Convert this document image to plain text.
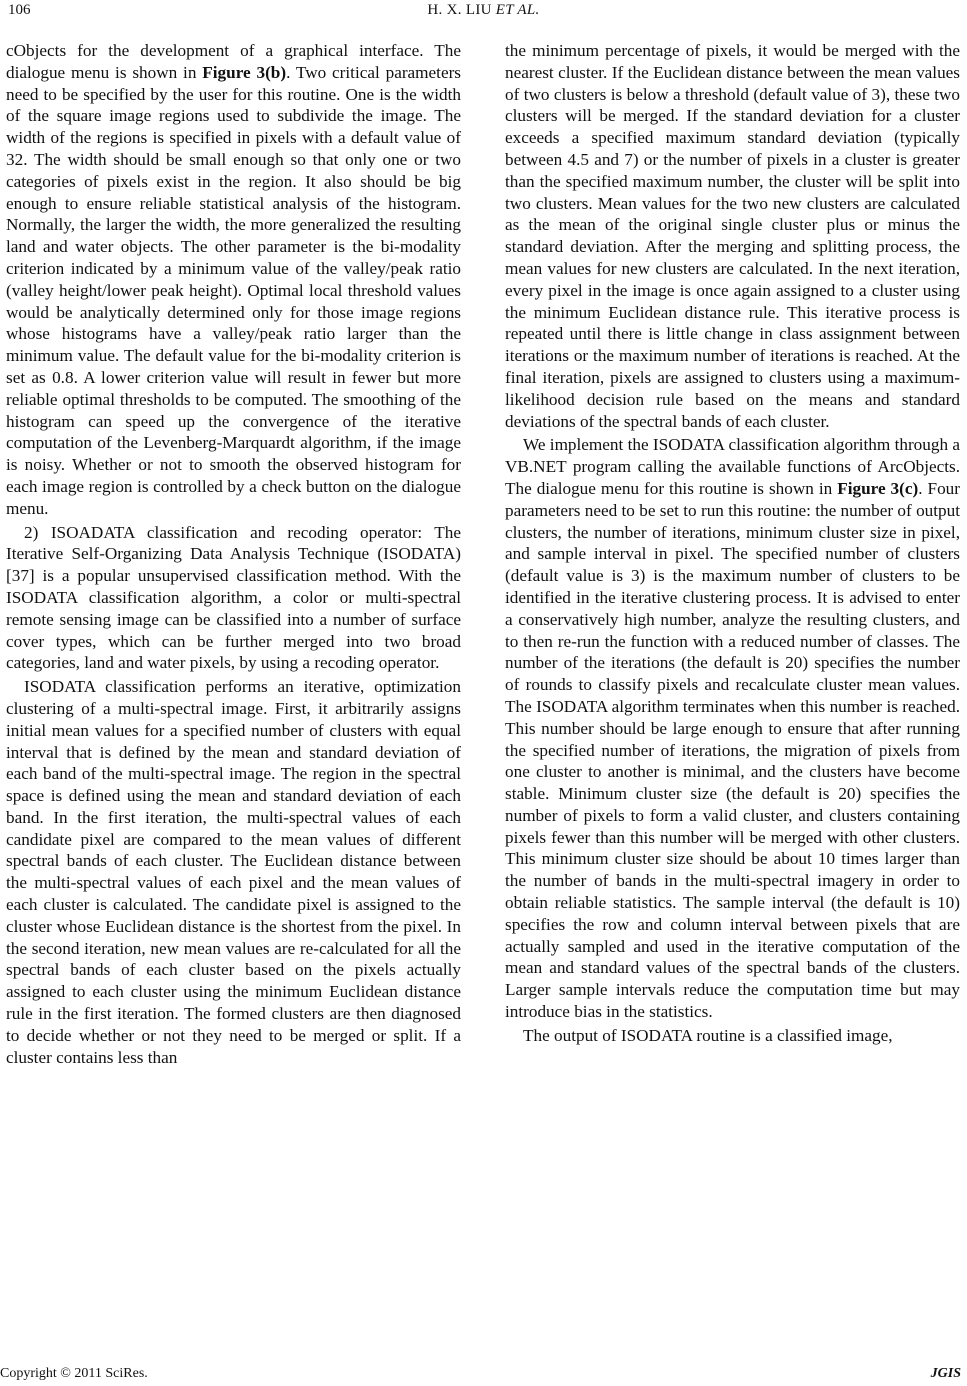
106	H. X. LIU ET AL.

cObjects for the development of a graphical interface. The dialogue menu is shown in Figure 3(b). Two critical parameters need to be specified by the user for this routine. One is the width of the square image regions used to subdivide the image. The width of the regions is specified in pixels with a default value of 32. The width should be small enough so that only one or two categories of pixels exist in the region. It also should be big enough to ensure reliable statistical analysis of the histogram. Normally, the larger the width, the more generalized the resulting land and water objects. The other parameter is the bi-modality criterion indicated by a minimum value of the valley/peak ratio (valley height/lower peak height). Optimal local threshold values would be analytically determined only for those image regions whose histograms have a valley/peak ratio larger than the minimum value. The default value for the bi-modality criterion is set as 0.8. A lower criterion value will result in fewer but more reliable optimal thresholds to be computed. The smoothing of the histogram can speed up the convergence of the iterative computation of the Levenberg-Marquardt algorithm, if the image is noisy. Whether or not to smooth the observed histogram for each image region is controlled by a check button on the dialogue menu.

2) ISOADATA classification and recoding operator: The Iterative Self-Organizing Data Analysis Technique (ISODATA) [37] is a popular unsupervised classification method. With the ISODATA classification algorithm, a color or multi-spectral remote sensing image can be classified into a number of surface cover types, which can be further merged into two broad categories, land and water pixels, by using a recoding operator.

ISODATA classification performs an iterative, optimization clustering of a multi-spectral image. First, it arbitrarily assigns initial mean values for a specified number of clusters with equal interval that is defined by the mean and standard deviation of each band of the multi-spectral image. The region in the spectral space is defined using the mean and standard deviation of each band. In the first iteration, the multi-spectral values of each candidate pixel are compared to the mean values of different spectral bands of each cluster. The Euclidean distance between the multi-spectral values of each pixel and the mean values of each cluster is calculated. The candidate pixel is assigned to the cluster whose Euclidean distance is the shortest from the pixel. In the second iteration, new mean values are re-calculated for all the spectral bands of each cluster based on the pixels actually assigned to each cluster using the minimum Euclidean distance rule in the first iteration. The formed clusters are then diagnosed to decide whether or not they need to be merged or split. If a cluster contains less than

the minimum percentage of pixels, it would be merged with the nearest cluster. If the Euclidean distance between the mean values of two clusters is below a threshold (default value of 3), these two clusters will be merged. If the standard deviation for a cluster exceeds a specified maximum standard deviation (typically between 4.5 and 7) or the number of pixels in a cluster is greater than the specified maximum number, the cluster will be split into two clusters. Mean values for the two new clusters are calculated as the mean of the original single cluster plus or minus the standard deviation. After the merging and splitting process, the mean values for new clusters are calculated. In the next iteration, every pixel in the image is once again assigned to a cluster using the minimum Euclidean distance rule. This iterative process is repeated until there is little change in class assignment between iterations or the maximum number of iterations is reached. At the final iteration, pixels are assigned to clusters using a maximum-likelihood decision rule based on the means and standard deviations of the spectral bands of each cluster.

We implement the ISODATA classification algorithm through a VB.NET program calling the available functions of ArcObjects. The dialogue menu for this routine is shown in Figure 3(c). Four parameters need to be set to run this routine: the number of output clusters, the number of iterations, minimum cluster size in pixel, and sample interval in pixel. The specified number of clusters (default value is 3) is the maximum number of clusters to be identified in the iterative clustering process. It is advised to enter a conservatively high number, analyze the resulting clusters, and to then re-run the function with a reduced number of classes. The number of the iterations (the default is 20) specifies the number of rounds to classify pixels and recalculate cluster mean values. The ISODATA algorithm terminates when this number is reached. This number should be large enough to ensure that after running the specified number of iterations, the migration of pixels from one cluster to another is minimal, and the clusters have become stable. Minimum cluster size (the default is 20) specifies the number of pixels to form a valid cluster, and clusters containing pixels fewer than this number will be merged with other clusters. This minimum cluster size should be about 10 times larger than the number of bands in the multi-spectral imagery in order to obtain reliable statistics. The sample interval (the default is 10) specifies the row and column interval between pixels that are actually sampled and used in the iterative computation of the mean and standard values of the spectral bands of the clusters. Larger sample intervals reduce the computation time but may introduce bias in the statistics.

The output of ISODATA routine is a classified image,

Copyright © 2011 SciRes.	JGIS
